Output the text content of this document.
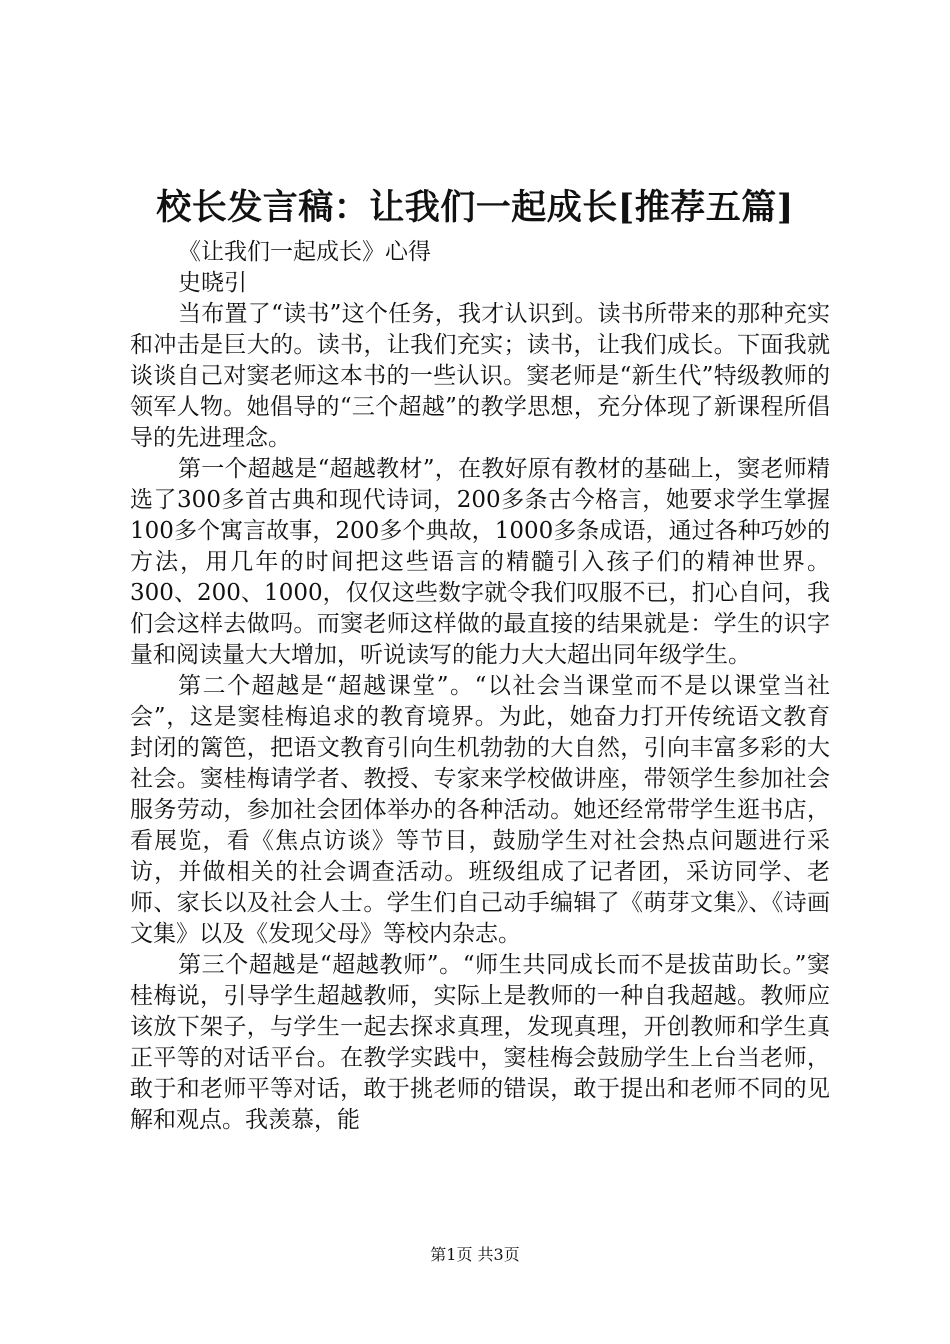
校长发言稿：让我们一起成长[推荐五篇]

《让我们一起成长》心得

史晓引

当布置了“读书”这个任务，我才认识到。读书所带来的那种充实和冲击是巨大的。读书，让我们充实；读书，让我们成长。下面我就谈谈自己对窦老师这本书的一些认识。窦老师是“新生代”特级教师的领军人物。她倡导的“三个超越”的教学思想，充分体现了新课程所倡导的先进理念。

第一个超越是“超越教材”，在教好原有教材的基础上，窦老师精选了300多首古典和现代诗词，200多条古今格言，她要求学生掌握100多个寓言故事，200多个典故，1000多条成语，通过各种巧妙的方法，用几年的时间把这些语言的精髓引入孩子们的精神世界。300、200、1000，仅仅这些数字就令我们叹服不已，扪心自问，我们会这样去做吗。而窦老师这样做的最直接的结果就是：学生的识字量和阅读量大大增加，听说读写的能力大大超出同年级学生。

第二个超越是“超越课堂”。“以社会当课堂而不是以课堂当社会”，这是窦桂梅追求的教育境界。为此，她奋力打开传统语文教育封闭的篱笆，把语文教育引向生机勃勃的大自然，引向丰富多彩的大社会。窦桂梅请学者、教授、专家来学校做讲座，带领学生参加社会服务劳动，参加社会团体举办的各种活动。她还经常带学生逛书店，看展览，看《焦点访谈》等节目，鼓励学生对社会热点问题进行采访，并做相关的社会调查活动。班级组成了记者团，采访同学、老师、家长以及社会人士。学生们自己动手编辑了《萌芽文集》、《诗画文集》以及《发现父母》等校内杂志。

第三个超越是“超越教师”。“师生共同成长而不是拔苗助长。”窦桂梅说，引导学生超越教师，实际上是教师的一种自我超越。教师应该放下架子，与学生一起去探求真理，发现真理，开创教师和学生真正平等的对话平台。在教学实践中，窦桂梅会鼓励学生上台当老师，敢于和老师平等对话，敢于挑老师的错误，敢于提出和老师不同的见解和观点。我羡慕，能

第1页 共3页
